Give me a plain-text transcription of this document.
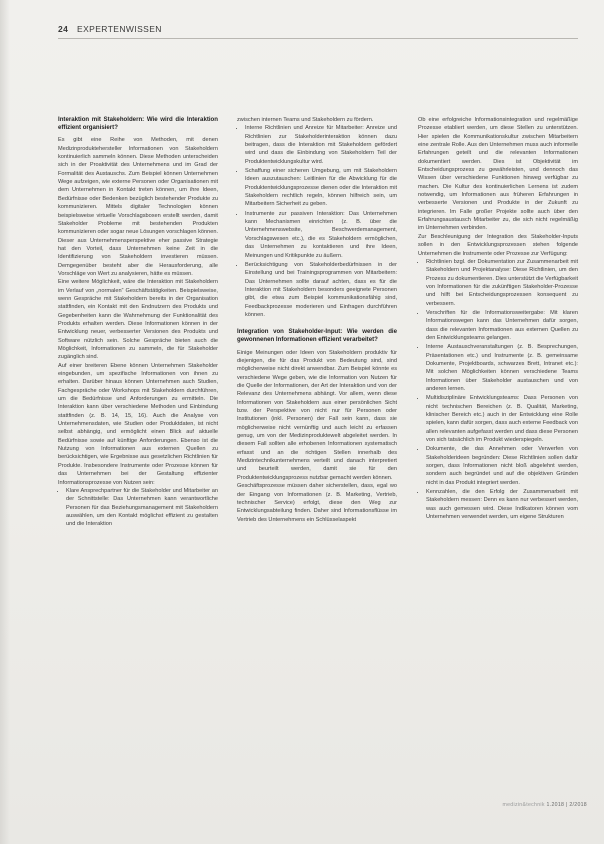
24 EXPERTENWISSEN

Interaktion mit Stakeholdern: Wie wird die Interaktion effizient organisiert?

Es gibt eine Reihe von Methoden, mit denen Medizinproduktehersteller Informationen von Stakeholdern kontinuierlich sammeln können. Diese Methoden unterscheiden sich in der Proaktivität des Unternehmens und im Grad der Formalität des Austauschs. Zum Beispiel können Unternehmen Wege aufzeigen, wie externe Personen oder Organisationen mit dem Unternehmen in Kontakt treten können, um ihre Ideen, Bedürfnisse oder Bedenken bezüglich bestehender Produkte zu kommunizieren. Mittels digitaler Technologien können beispielsweise virtuelle Vorschlagsboxen erstellt werden, damit Stakeholder Probleme mit bestehenden Produkten kommunizieren oder sogar neue Lösungen vorschlagen können. Dieser aus Unternehmensperspektive eher passive Strategie hat den Vorteil, dass Unternehmen keine Zeit in die Identifizierung von Stakeholdern investieren müssen. Demgegenüber besteht aber die Herausforderung, alle Vorschläge von Wert zu analysieren, hätte es müssen.

Eine weitere Möglichkeit, wäre die Interaktion mit Stakeholdern im Verlauf von „normalen“ Geschäftstätigkeiten. Beispielsweise, wenn Gespräche mit Stakeholdern bereits in der Organisation stattfinden, ein Kontakt mit den Endnutzern des Produkts und Gegebenheiten kann die Wahrnehmung der Funktionalität des Produkts erhalten werden. Diese Informationen können in der Entwicklung neuer, verbesserter Versionen des Produkts und Software nützlich sein. Solche Gespräche bieten auch die Möglichkeit, Informationen zu sammeln, die für Stakeholder zugänglich sind.

Auf einer breiteren Ebene können Unternehmen Stakeholder eingebunden, um spezifische Informationen von ihnen zu erhalten. Darüber hinaus können Unternehmen auch Studien, Fachgespräche oder Workshops mit Stakeholdern durchführen, um die Bedürfnisse und Anforderungen zu ermitteln. Die Interaktion kann über verschiedene Methoden und Einbindung stattfinden (z. B. 14, 15, 16). Auch die Analyse von Unternehmensdaten, wie Studien oder Produktdaten, ist nicht selbst abhängig, und ermöglicht einen Blick auf aktuelle Bedürfnisse sowie auf künftige Anforderungen. Ebenso ist die Nutzung von Informationen aus externen Quellen zu berücksichtigen, wie Ergebnisse aus gesetzlichen Richtlinien für Produkte. Insbesondere Instrumente oder Prozesse können für das Unternehmen bei der Gestaltung effizienter Informationsprozesse von Nutzen sein:

• Klare Ansprechpartner für die Stakeholder und Mitarbeiter an der Schnittstelle: Das Unternehmen kann verantwortliche Personen für das Beziehungsmanagement mit Stakeholdern auswählen, um den Kontakt möglichst effizient zu gestalten und die Interaktion

zwischen internen Teams und Stakeholdern zu fördern.

• Interne Richtlinien und Anreize für Mitarbeiter: Anreize und Richtlinien zur Stakeholderinteraktion können dazu beitragen, dass die Interaktion mit Stakeholdern gefördert wird und dass die Einbindung von Stakeholdern Teil der Produktentwicklungskultur wird.
• Schaffung einer sicheren Umgebung, um mit Stakeholdern Ideen auszutauschen: Leitlinien für die Abwicklung für die Produktentwicklungsprozesse dienen oder die Interaktion mit Stakeholdern rechtlich regeln, können hilfreich sein, um Mitarbeitern Sicherheit zu geben.
• Instrumente zur passiven Interaktion: Das Unternehmen kann Mechanismen einrichten (z. B. über die Unternehmenswebsite, Beschwerdemanagement, Vorschlagswesen etc.), die es Stakeholdern ermöglichen, das Unternehmen zu kontaktieren und ihre Ideen, Meinungen und Kritikpunkte zu äußern.
• Berücksichtigung von Stakeholderbedürfnissen in der Einstellung und bei Trainingsprogrammen von Mitarbeitern: Das Unternehmen sollte darauf achten, dass es für die Interaktion mit Stakeholdern besonders geeignete Personen gibt, die etwa zum Beispiel kommunikationsfähig sind, Feedbackprozesse moderieren und Einfragen durchführen können.

Integration von Stakeholder-Input: Wie werden die gewonnenen Informationen effizient verarbeitet?

Einige Meinungen oder Ideen von Stakeholdern produktiv für diejenigen, die für das Produkt von Bedeutung sind, sind möglicherweise nicht direkt anwendbar. Zum Beispiel könnte es verschiedene Wege geben, wie die Information von Nutzen für die Quelle der Informationen, der Art der Interaktion und von der Relevanz des Unternehmens abhängt. Vor allem, wenn diese Informationen von Stakeholdern aus einer persönlichen Sicht bzw. der Perspektive von nicht nur für Personen oder Institutionen (inkl. Personen) der Fall sein kann, dass sie möglicherweise nicht vernünftig und auch leicht zu erfassen genug, um von der Medizinproduktewelt abgeleitet werden. In diesem Fall sollten alle erhobenen Informationen systematisch erfasst und an die richtigen Stellen innerhalb des Medizintechnikunternehmens verteilt und danach interpretiert und beurteilt werden, damit sie für den Produktentwicklungsprozess nutzbar gemacht werden können.

Geschäftsprozesse müssen daher sicherstellen, dass, egal wo der Eingang von Informationen (z. B. Marketing, Vertrieb, technischer Service) erfolgt, diese den Weg zur Entwicklungsabteilung finden. Daher sind Informationsflüsse im Vertrieb des Unternehmens ein Schlüsselaspekt

Ob eine erfolgreiche Informationsintegration und regelmäßige Prozesse etabliert werden, um diese Stellen zu unterstützen. Hier spielen die Kommunikationskultur zwischen Mitarbeitern eine zentrale Rolle. Aus den Unternehmen muss auch informelle Erfahrungen geteilt und die relevanten Informationen dokumentiert werden. Dies ist Objektivität im Entscheidungsprozess zu gewährleisten, und dennoch das Wissen über verschiedene Funktionen hinweg verfügbar zu machen. Die Kultur des kontinuierlichen Lernens ist zudem notwendig, um Informationen aus früheren Erfahrungen in verbesserte Versionen und Produkte in der Zukunft zu integrieren. Im Falle großer Projekte sollte auch über den Erfahrungsaustausch Mitarbeiter zu, die sich nicht regelmäßig im Unternehmen verbinden.

Zur Beschleunigung der Integration des Stakeholder-Inputs sollen in den Entwicklungsprozessen stehen folgende Unternehmen die Instrumente oder Prozesse zur Verfügung:

• Richtlinien bzgl. der Dokumentation zur Zusammenarbeit mit Stakeholdern und Projektanalyse: Diese Richtlinien, um den Prozess zu dokumentieren. Dies unterstützt die Verfügbarkeit von Informationen für die zukünftigen Stakeholder-Prozesse und hilft bei Entscheidungsprozessen konsequent zu verbessern.
• Verschriften für die Informationsweitergabe: Mit klaren Informationswegen kann das Unternehmen dafür sorgen, dass die relevanten Informationen aus externen Quellen zu den Entwicklungsteams gelangen.
• Interne Austauschveranstaltungen (z. B. Besprechungen, Präsentationen etc.) und Instrumente (z. B. gemeinsame Dokumente, Projektboards, schwarzes Brett, Intranet etc.): Mit solchen Möglichkeiten können verschiedene Teams Informationen über Stakeholder austauschen und von anderen lernen.
• Multidisziplinäre Entwicklungsteams: Dass Personen von nicht technischen Bereichen (z. B. Qualität, Marketing, klinischer Bereich etc.) auch in der Entwicklung eine Rolle spielen, kann dafür sorgen, dass auch externe Feedback von allen relevanten aufgefasst werden und dass diese Personen von sich tatsächlich im Produkt wiederspiegeln.
• Dokumente, die das Annehmen oder Verwerfen von Stakeholderideen begründen: Diese Richtlinien sollen dafür sorgen, dass Informationen nicht bloß abgelehnt werden, sondern auch begründet und auf die objektiven Gründen nicht in das Produkt integriert werden.
• Kennzahlen, die den Erfolg der Zusammenarbeit mit Stakeholdern messen: Denn es kann nur verbessert werden, was auch gemessen wird. Diese Indikatoren können vom Unternehmen verwendet werden, um eigene Strukturen
medizin&technik 1.2018 | 2/2018
